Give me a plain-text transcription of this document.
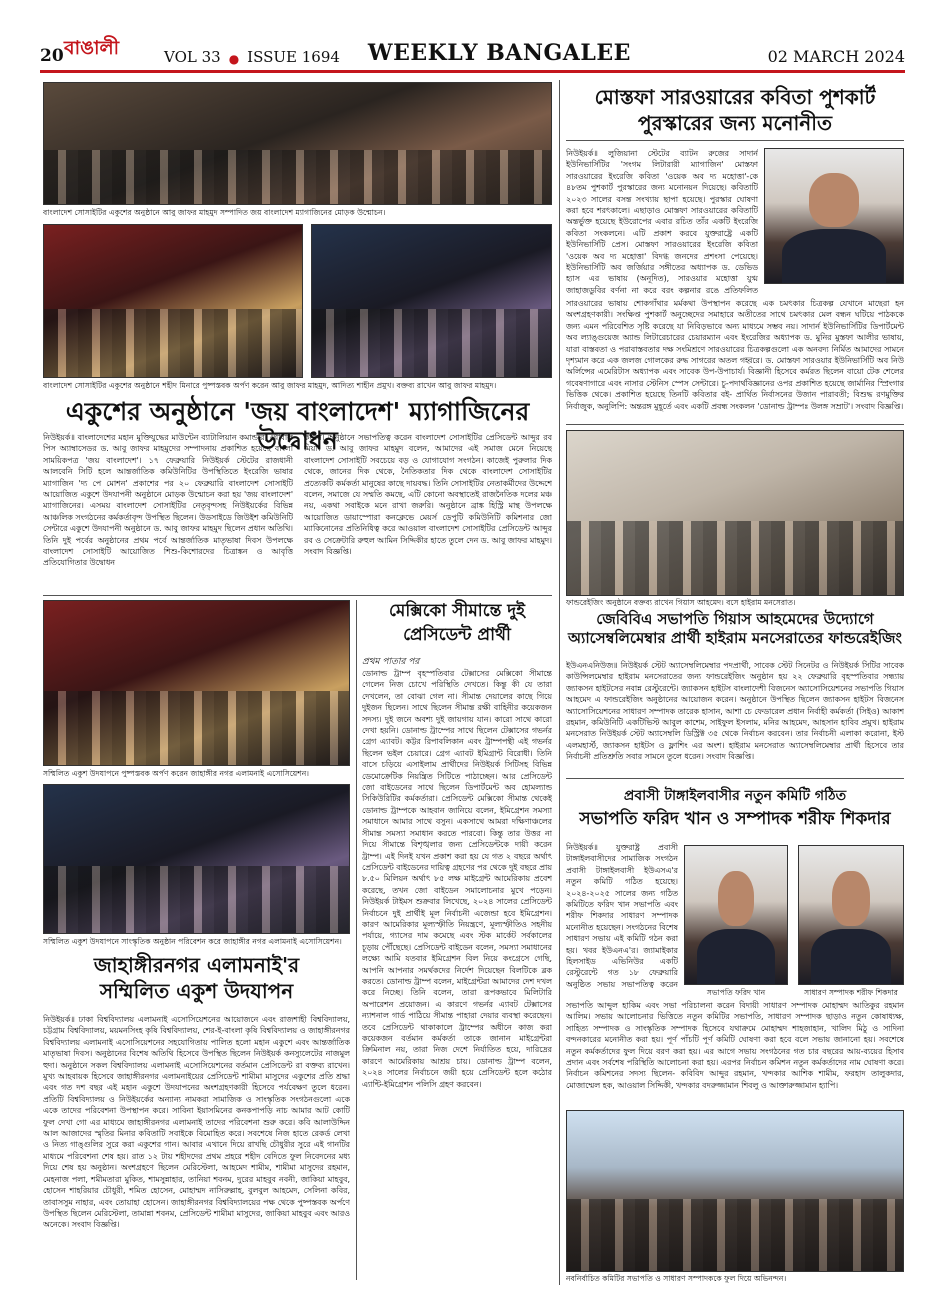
20 বাঙালী	VOL 33 ● ISSUE 1694 WEEKLY BANGALEE	02 MARCH 2024
বাংলাদেশ সোসাইটির একুশের অনুষ্ঠানে আবু জাফর মাহমুদ সম্পাদিত জয় বাংলাদেশ ম্যাগাজিনের মোড়ক উন্মোচন।
বাংলাদেশ সোসাইটির একুশের অনুষ্ঠানে শহীদ মিনারে পুষ্পস্তবক অর্পণ করেন আবু জাফর মাহমুদ, আদিত্য শাহীন প্রমুখ। বক্তব্য রাখেন আবু জাফর মাহমুদ।
একুশের অনুষ্ঠানে 'জয় বাংলাদেশ' ম্যাগাজিনের উদ্বোধন
নিউইয়র্ক॥ বাংলাদেশের মহান মুক্তিযুদ্ধের মাউন্টেন ব্যাটালিয়ান কমান্ডার, গ্লোবাল পিস অ্যাম্বাসেডর ড. আবু জাফর মাহমুদের সম্পাদনায় প্রকাশিত হয়েছে বাংলা সাময়িকপত্র 'জয় বাংলাদেশ'। ১৭ ফেব্রুয়ারি নিউইয়র্ক স্টেটের রাজধানী আলবেনি সিটি হলে আন্তর্জাতিক কমিউনিটির উপস্থিতিতে ইংরেজি ভাষার ম্যাগাজিন 'দ্য পে মোশন' প্রকাশের পর ২০ ফেব্রুয়ারি বাংলাদেশ সোসাইটি আয়োজিত একুশে উদযাপনী অনুষ্ঠানে মোড়ক উন্মোচন করা হয় 'জয় বাংলাদেশ' ম্যাগাজিনের। এসময় বাংলাদেশ সোসাইটির নেতৃবৃন্দসহ নিউইয়র্কের বিভিন্ন আঞ্চলিক সংগঠনের কর্মকর্তাবৃন্দ উপস্থিত ছিলেন। উডসাইডে জিউইশ কমিউনিটি সেন্টারে একুশে উদযাপনী অনুষ্ঠানে ড. আবু জাফর মাহমুদ ছিলেন প্রধান অতিথি। তিনি দুই পর্বের অনুষ্ঠানের প্রথম পর্বে আন্তর্জাতিক মাতৃভাষা দিবস উপলক্ষে বাংলাদেশ সোসাইটি আয়োজিত শিশু-কিশোরদের চিত্রাঙ্কন ও আবৃত্তি প্রতিযোগিতার উদ্বোধন
করেন। অনুষ্ঠানে সভাপতিত্ব করেন বাংলাদেশ সোসাইটির প্রেসিডেন্ট আব্দুর রব মিয়া। ড. আবু জাফর মাহমুদ বলেন, আমাদের এই সমাজ মেনে নিয়েছে বাংলাদেশ সোসাইটি সবচেয়ে বড় ও যোগাযোগ সংগঠন। কাজেই পুরুলার দিক থেকে, জানের দিক থেকে, নৈতিকতার দিক থেকে বাংলাদেশ সোসাইটির প্রত্যেকটি কর্মকর্তা মানুষের কাছে দায়বদ্ধ। তিনি সোসাইটির নেতাকর্মীদের উদ্দেশে বলেন, সমাজে যে সম্মতি কমছে, এটি কোনো অবস্থাতেই রাজনৈতিক দলের মঞ্চ নয়, একথা সবাইকে মনে রাখা জরুরি। অনুষ্ঠানে ব্রাঙ্ক হিস্ট্রি মান্থ উপলক্ষে আয়োজিত ডায়াস্পোরা কনক্লেভে মেয়র্স ডেপুটি কমিউনিটি কমিশনার জো ম্যাকিনোনের প্রতিনিধিত্ব করে আওয়াল বাংলাদেশ সোসাইটির প্রেসিডেন্ট আব্দুর রব ও সেক্রেটারি রুহুল আমিন সিদ্দিকীর হাতে তুলে দেন ড. আবু জাফর মাহমুদ। সংবাদ বিজ্ঞপ্তি।
মোস্তফা সারওয়ারের কবিতা পুশকার্ট
পুরস্কারের জন্য মনোনীত
নিউইয়র্ক॥ লুজিয়ানা স্টেটের ব্যাটন রুজের সাদার্ন ইউনিভার্সিটির 'সংগম লিটারারী ম্যাগাজিন' মোস্তফা সারওয়ারের ইংরেজি কবিতা 'ওয়েক অব দ্য মহোত্তা'-কে ৪৮তম পুশকার্ট পুরস্কারের জন্য মনোনয়ন দিয়েছে। কবিতাটি ২০২৩ সালের বসন্ত সংখ্যায় ছাপা হয়েছে। পুরস্কার ঘোষণা করা হবে শরৎকালে। এছাড়াও মোস্তফা সারওয়ারের কবিতাটি অন্তর্ভুক্ত হয়েছে ইউরোপের এবার রচিত তাঁর একটি ইংরেজি কবিতা সংকলনে। এটি প্রকাশ করবে যুক্তরাষ্ট্রে একটি ইউনিভার্সিটি প্রেস। মোস্তফা সারওয়ারের ইংরেজি কবিতা 'ওয়েক অব দ্য মহোত্তা' বিদগ্ধ জনদের প্রশংসা পেয়েছে। ইউনিভার্সিটি অব জর্জিয়ার সঙ্গীতের অধ্যাপক ড. ডেভিড হ্যাস এর ভাষায় (অনূদিত), সারওয়ার মহোত্তা যুগ্ম জাহাজডুবির বর্ণনা না করে বরং কল্পনার রঙে প্রতিফলিত
সারওয়ারের ভাষায় শোকগাঁথার মর্মকথা উপস্থাপন করেছে এক চমৎকার চিত্রকল্প যেখানে মাছেরা হন অংশগ্রহণকারী। সংক্ষিপ্ত পুশকার্ট অনুচ্ছেদের সমাহারে অতীতের সাথে চমৎকার মেল বন্ধন ঘটিয়ে পাঠককে জন্য এমন পরিবেশিত সৃষ্টি করেছে যা নিবিড়ভাবে অন্য মাধ্যমে সম্ভব নয়। সাদার্ন ইউনিভার্সিটির ডিপার্টমেন্ট অব ল্যাঙ্গুয়েজ অ্যান্ড লিটারেচারের চেয়ারম্যান এবং ইংরেজির অধ্যাপক ড. মুনির মুস্তফা আলীর ভাষায়, যারা বাস্তবতা ও পরাবাস্তবতার দক্ষ সংমিশ্রণে সারওয়ারের চিত্রকল্পগুলো এক অনবদ্য নির্মিত আমাদের সামনে দৃশ্যমান করে এক জলজ গোলকের রুদ্ধ সাগরের অতল গহ্বরে। ড. মোস্তফা সারওয়ার ইউনিভার্সিটি অব নিউ অর্লিন্সের এমেরিটাস অধ্যাপক এবং সাবেক উপ-উপাচার্য। বিজ্ঞানী হিসেবে কর্মরত ছিলেন বায়ো টেক শেলের গবেষণাগারে এবং নাসার স্টেনিস স্পেস সেন্টারে। চু-পদার্থবিজ্ঞানের ওপর প্রকাশিত হয়েছে জার্মানির স্প্রিংগার ভিত্তিক থেকে। প্রকাশিত হয়েছে তিনটি কবিতার বই- প্রার্থিত নির্বাসনের উজান পারাবতী; বিশুদ্ধ রণমুক্তির নির্বাজুক, অনুলিপি: অন্তরঙ্গ মুহূর্তে এবং একটি প্রবন্ধ সংকলন 'ডোনাল্ড ট্রাম্পঃ উলঙ্গ সম্রাট'। সংবাদ বিজ্ঞপ্তি।
ফান্ডরেইজিং অনুষ্ঠানে বক্তব্য রাখেন গিয়াস আহমেদ। বসে হাইরাম মনসেরাত।
জেবিবিএ সভাপতি গিয়াস আহমেদের উদ্যোগে
অ্যাসেম্বলিমেম্বার প্রার্থী হাইরাম মনসেরাতের ফান্ডরেইজিং
ইউএনএনিউজ॥ নিউইয়র্ক স্টেট অ্যাসেম্বলিমেম্বার পদপ্রার্থী, সাবেক স্টেট সিনেটর ও নিউইয়র্ক সিটির সাবেক কাউন্সিলমেম্বার হাইরাম মনসেরাতের জন্য ফান্ডরেইজিং অনুষ্ঠান হয় ২২ ফেব্রুয়ারি বৃহস্পতিবার সন্ধ্যায় জ্যাকসন হাইটসের নবান্ন রেস্টুরেন্টে। জ্যাকসন হাইটস বাংলাদেশী বিজনেস অ্যাসোসিয়েশনের সভাপতি গিয়াস আহমেদ এ ফান্ডরেইজিং অনুষ্ঠানের আয়োজন করেন। অনুষ্ঠানে উপস্থিত ছিলেন জ্যাকসন হাইটস বিজনেস অ্যাসোসিয়েশনের সাধারণ সম্পাদক তারেক হাসান, আশা চে ফেডারেল প্রধান নির্বাহী কর্মকর্তা (সিইও) আকাশ রহমান, কমিউনিটি একটিভিস্ট আবুল কাশেম, সাইফুল ইসলাম, মনির আহমেদ, আহসান হাবিব প্রমুখ। হাইরাম মনসেরাত নিউইয়র্ক স্টেট অ্যাসেম্বলি ডিস্ট্রিক্ট ৩৫ থেকে নির্বাচন করবেন। তার নির্বাচনী এলাকা করোনা, ইস্ট এলমহার্স্ট, জ্যাকসন হাইটস ও ফ্লাশিং এর অংশ। হাইরাম মনসেরাত অ্যাসেম্বলিমেম্বার প্রার্থী হিসেবে তার নির্বাচনী প্রতিশ্রুতি সবার সামনে তুলে ধরেন। সংবাদ বিজ্ঞপ্তি।
প্রবাসী টাঙ্গাইলবাসীর নতুন কমিটি গঠিত
সভাপতি ফরিদ খান ও সম্পাদক শরীফ শিকদার
নিউইয়র্ক॥ যুক্তরাষ্ট্র প্রবাসী টাঙ্গাইলবাসীদের সামাজিক সংগঠন প্রবাসী টাঙ্গাইলবাসী ইউএসএ'র নতুন কমিটি গঠিত হয়েছে। ২০২৪-২০২৫ সালের জন্য গঠিত কমিটিতে ফরিদ খান সভাপতি এবং শরীফ শিকদার সাধারণ সম্পাদক মনোনীত হয়েছেন। সংগঠনের বিশেষ সাধারণ সভায় এই কমিটি গঠন করা হয়। খবর ইউএনএ'র। জ্যামাইকার হিলসাইড এভিনিউর একটি রেস্টুরেন্টে গত ১৮ ফেব্রুয়ারি অনুষ্ঠিত সভায় সভাপতিত্ব করেন
সভাপতি ফরিদ খান	সাধারণ সম্পাদক শরীফ শিকদার
সভাপতি আব্দুল হাকিম এবং সভা পরিচালনা করেন বিদায়ী সাধারণ সম্পাদক মোহাম্মদ আতিকুর রহমান আলিম। সভায় আলোচনার ভিত্তিতে নতুন কমিটির সভাপতি, সাধারণ সম্পাদক ছাড়াও নতুন কোষাধ্যক্ষ, সাহিত্য সম্পাদক ও সাংস্কৃতিক সম্পাদক হিসেবে যথাক্রমে মোহাম্মদ শাহজাহান, খালিদ মিঠু ও সাদিনা বন্দনকারের মনোনীত করা হয়। পূর্ণ পাঁচটি পূর্ণ কমিটি ঘোষণা করা হবে বলে সভায় জানানো হয়। সবশেষে নতুন কর্মকর্তাদের ফুল দিয়ে বরণ করা হয়। এর আগে সভায় সংগঠনের গত চার বছরের আয়-ব্যয়ের হিসাব প্রদান এবং সর্বশেষ পরিস্থিতি আলোচনা করা হয়। এরপর নির্বাচন কমিশন নতুন কর্মকর্তাদের নাম ঘোষণা করে। নির্বাচন কমিশনের সদস্য ছিলেন- কবিবিদ আব্দুর রহমান, খন্দকার আশিক শামীম, ফরহাদ তালুকদার, মোজাম্মেল হক, আওয়াল সিদ্দিকী, খন্দকার বদরুজ্জামান শিবলু ও আক্তারুজ্জামান হ্যাপি।
নবনির্বাচিত কমিটির সভাপতি ও সাধারণ সম্পাদককে ফুল দিয়ে অভিনন্দন।
সম্মিলিত একুশ উদযাপনে পুষ্পস্তবক অর্পণ করেন জাহাঙ্গীর নগর এলামনাই এসোসিয়েশন।
সম্মিলিত একুশ উদযাপনে সাংস্কৃতিক অনুষ্ঠান পরিবেশন করে জাহাঙ্গীর নগর এলামনাই এসোসিয়েশন।
জাহাঙ্গীরনগর এলামনাই'র
সম্মিলিত একুশ উদযাপন
নিউইয়র্ক॥ ঢাকা বিশ্ববিদ্যালয় এলামনাই এসোসিয়েশনের আয়োজনে এবং রাজশাহী বিশ্ববিদ্যালয়, চট্টগ্রাম বিশ্ববিদ্যালয়, ময়মনসিংহ কৃষি বিশ্ববিদ্যালয়, শের-ই-বাংলা কৃষি বিশ্ববিদ্যালয় ও জাহাঙ্গীরনগর বিশ্ববিদ্যালয় এলামনাই এসোসিয়েশনের সহযোগিতায় পালিত হলো মহান একুশে এবং আন্তর্জাতিক মাতৃভাষা দিবস। অনুষ্ঠানের বিশেষ অতিথি হিসেবে উপস্থিত ছিলেন নিউইয়র্ক কনস্যুলেটের নাজমুল হুদা। অনুষ্ঠানে সকল বিশ্ববিদ্যালয় এলামনাই এসোসিয়েশনের বর্তমান প্রেসিডেন্ট রা বক্তব্য রাখেন। মুখ্য আহবায়ক হিসেবে জাহাঙ্গীরনগর এলামনাইয়ের প্রেসিডেন্ট শামীমা মাসুদের একুশের প্রতি শ্রদ্ধা এবং গত দশ বছর এই মহান একুশে উদযাপনের অংশগ্রহণকারী হিসেবে পর্যবেক্ষণ তুলে ধরেন। প্রতিটি বিশ্ববিদ্যালয় ও নিউইয়র্কের অন্যান্য নামকরা সামাজিক ও সাংস্কৃতিক সংগঠনগুলো একে একে তাদের পরিবেশনা উপস্থাপন করে। সাবিনা ইয়াসমিনের কনকপাপড়ি নাচ আমার আট কোটি ফুল দেখা গো এর মাধ্যমে জাহাঙ্গীরনগর এলামনাই তাদের পরিবেশনা শুরু করে। কবি আলাউদ্দিন আল আজাদের স্মৃতির মিনার কবিতাটি সবাইকে বিমোহিত করে। সবশেষে নিজ হাতে রেকর্ড লেখা ও নিত্য গাঙ্গুলির সুরে করা একুশের গান। আবার এখানে দিয়ে রাখছি চৌধুরীর সুরে এই গানটির মাধ্যমে পরিবেশনা শেষ হয়। রাত ১২ টায় শহীদদের প্রথম প্রহরে শহীদ বেদিতে ফুল নিবেদনের মধ্য দিয়ে শেষ হয় অনুষ্ঠান। অংশগ্রহণে ছিলেন মেরিস্টেলা, আহমেদ শামীম, শামীমা মাসুদের রহমান, মেহনাজ পলা, শমীমতারা মুকিত, শামসুন্নাহার, তানিয়া শবনম, দুরের মাহবুব নবনী, জাকিয়া মাহবুব, হোসেন শাহরিয়ার চৌধুরী, শমিত হোসেন, মোহাম্মদ নাসিরুল্লাহ, বুলবুল আহমেদ, সেলিনা কবির, তাবাসসুম নাহার, এবং তোয়াহা হোসেন। জাহাঙ্গীরনগর বিশ্ববিদ্যালয়ের পক্ষ থেকে পুষ্পস্তবক অর্পণে উপস্থিত ছিলেন মেরিস্টেলা, তামান্না শবনম, প্রেসিডেন্ট শামীমা মাসুদের, জাকিয়া মাহবুব এবং আরও অনেকে। সংবাদ বিজ্ঞপ্তি।
মেক্সিকো সীমান্তে দুই
প্রেসিডেন্ট প্রার্থী
প্রথম পাতার পর
ডোনাল্ড ট্রাম্প বৃহস্পতিবার টেক্সাসের মেক্সিকো সীমান্তে গেলেন নিজ চোখে পরিস্থিতি দেখতে। কিন্তু কী যে তারা দেখলেন, তা বোঝা গেল না। সীমান্ত দেয়ালের কাছে গিয়ে দুইজন ছিলেন। সাথে ছিলেন সীমান্ত রক্ষী বাহিনীর কয়েকজন সদস্য। দুই জনে অবশ্য দুই জায়গায় যান। কারো সাথে কারো দেখা হয়নি। ডোনাল্ড ট্রাম্পের সাথে ছিলেন টেক্সাসের গভর্নর গ্রেগ এ্যাবট। কট্টর রিপাবলিকান এবং ট্রাম্পপন্থী এই গভর্নর ছিলেন ভইল চেয়ারে। গ্রেগ এ্যাবট ইমিগ্রান্ট বিরোধী। তিনি বাসে চড়িয়ে এসাইলাম প্রার্থীদের নিউইয়র্ক সিটিসহ বিভিন্ন ডেমোক্রেটিক নিয়ন্ত্রিত সিটিতে পাঠাচ্ছেন। আর প্রেসিডেন্ট জো বাইডেনের সাথে ছিলেন ডিপার্টমেন্ট অব হোমল্যান্ড সিকিউরিটির কর্মকর্তারা। প্রেসিডেন্ট মেক্সিকো সীমান্ত থেকেই ডোনাল্ড ট্রাম্পকে আহবান জানিয়ে বলেন, ইমিগ্রেশন সমস্যা সমাধানে আমার সাথে বসুন। একসাথে আমরা দক্ষিণাঞ্চলের সীমান্ত সমস্যা সমাধান করতে পারবো। কিন্তু তার উত্তর না দিয়ে সীমান্তে বিশৃঙ্খলার জন্য প্রেসিডেন্টকে দায়ী করেন ট্রাম্প। এই দিনই যখন প্রকাশ করা হয় যে গত ২ বছরে অর্থাৎ প্রেসিডেন্ট বাইডেনের দায়িত্ব গ্রহণের পর থেকে দুই বছরে প্রায় ৮.৫০ মিলিয়ন অর্থাৎ ৮৫ লক্ষ মাইগ্রেন্ট আমেরিকায় প্রবেশ করেছে, তখন জো বাইডেন সমালোচনার মুখে পড়েন। নিউইয়র্ক টাইমস শুক্রবার লিখেছে, ২০২৪ সালের প্রেসিডেন্ট নির্বাচনে দুই প্রার্থীই মূল নির্বাচনী এজেন্ডা হবে ইমিগ্রেশন। কারণ আমেরিকার মূল্যস্ফীতি নিয়ন্ত্রণে, মূল্যস্ফীতিও সহনীয় পর্যায়ে, গ্যাসের দাম কমেছে এবং স্টক মার্কেট সর্বকালের চূড়ায় পৌঁছেছে। প্রেসিডেন্ট বাইডেন বলেন, সমস্যা সমাধানের লক্ষ্যে আমি যতবার ইমিগ্রেশন বিল নিয়ে কংগ্রেসে গেছি, আপনি আপনার সমর্থকদের নির্দেশ দিয়েছেন বিলটিকে ব্লক করতে। ডোনাল্ড ট্রাম্প বলেন, মাইগ্রেন্টরা আমাদের দেশ দখল করে নিচ্ছে। তিনি বলেন, তারা রূপকভাবে মিলিটারি অপারেশন প্রয়োজন। এ কারণে গভর্নর এ্যাবট টেক্সাসের ন্যাশনাল গার্ড পাঠিয়ে সীমান্ত পাহারা দেয়ার ব্যবস্থা করেছেন। তবে প্রেসিডেন্ট থাকাকালে ট্রাম্পের অধীনে কাজ করা কয়েকজন বর্তমান কর্মকর্তা তাকে জানান মাইগ্রেন্টরা ক্রিমিনাল নয়, তারা নিজ দেশে নির্যাতিত হয়ে, দারিদ্রের কারণে আমেরিকায় আশ্রয় চায়। ডোনাল্ড ট্রাম্প বলেন, ২০২৪ সালের নির্বাচনে জয়ী হয়ে প্রেসিডেন্ট হলে কঠোর এ্যান্টি-ইমিগ্রেশন পলিসি গ্রহণ করবেন।
